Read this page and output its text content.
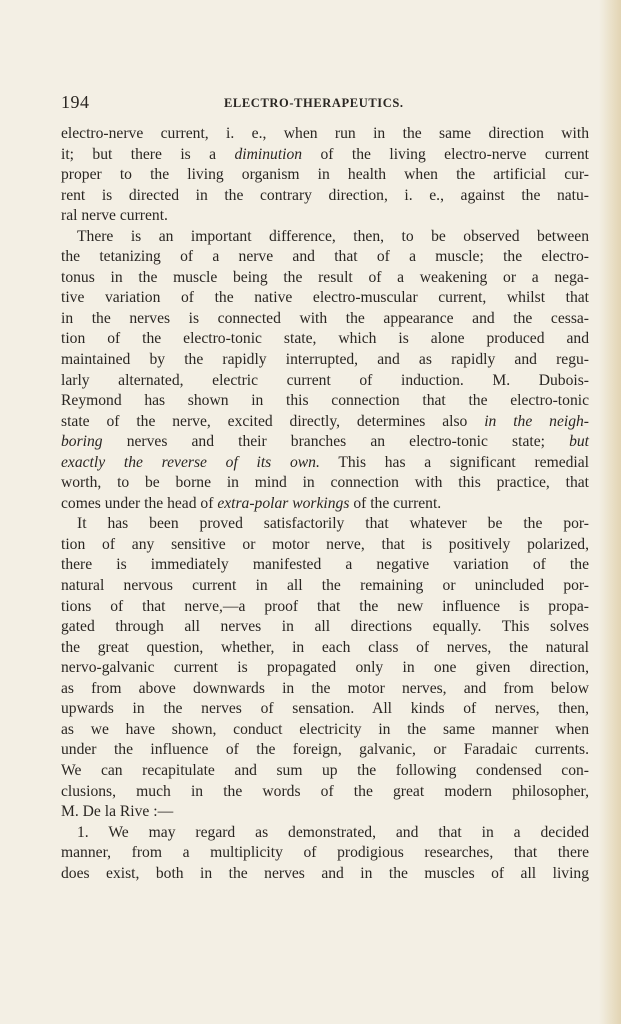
194	ELECTRO-THERAPEUTICS.
electro-nerve current, i. e., when run in the same direction with
it; but there is a diminution of the living electro-nerve current
proper to the living organism in health when the artificial cur-
rent is directed in the contrary direction, i. e., against the natu-
ral nerve current.
There is an important difference, then, to be observed between
the tetanizing of a nerve and that of a muscle; the electro-
tonus in the muscle being the result of a weakening or a nega-
tive variation of the native electro-muscular current, whilst that
in the nerves is connected with the appearance and the cessa-
tion of the electro-tonic state, which is alone produced and
maintained by the rapidly interrupted, and as rapidly and regu-
larly alternated, electric current of induction. M. Dubois-
Reymond has shown in this connection that the electro-tonic
state of the nerve, excited directly, determines also in the neigh-
boring nerves and their branches an electro-tonic state; but
exactly the reverse of its own. This has a significant remedial
worth, to be borne in mind in connection with this practice, that
comes under the head of extra-polar workings of the current.
It has been proved satisfactorily that whatever be the por-
tion of any sensitive or motor nerve, that is positively polarized,
there is immediately manifested a negative variation of the
natural nervous current in all the remaining or unincluded por-
tions of that nerve,—a proof that the new influence is propa-
gated through all nerves in all directions equally. This solves
the great question, whether, in each class of nerves, the natural
nervo-galvanic current is propagated only in one given direction,
as from above downwards in the motor nerves, and from below
upwards in the nerves of sensation. All kinds of nerves, then,
as we have shown, conduct electricity in the same manner when
under the influence of the foreign, galvanic, or Faradaic currents.
We can recapitulate and sum up the following condensed con-
clusions, much in the words of the great modern philosopher,
M. De la Rive :—
1. We may regard as demonstrated, and that in a decided
manner, from a multiplicity of prodigious researches, that there
does exist, both in the nerves and in the muscles of all living
